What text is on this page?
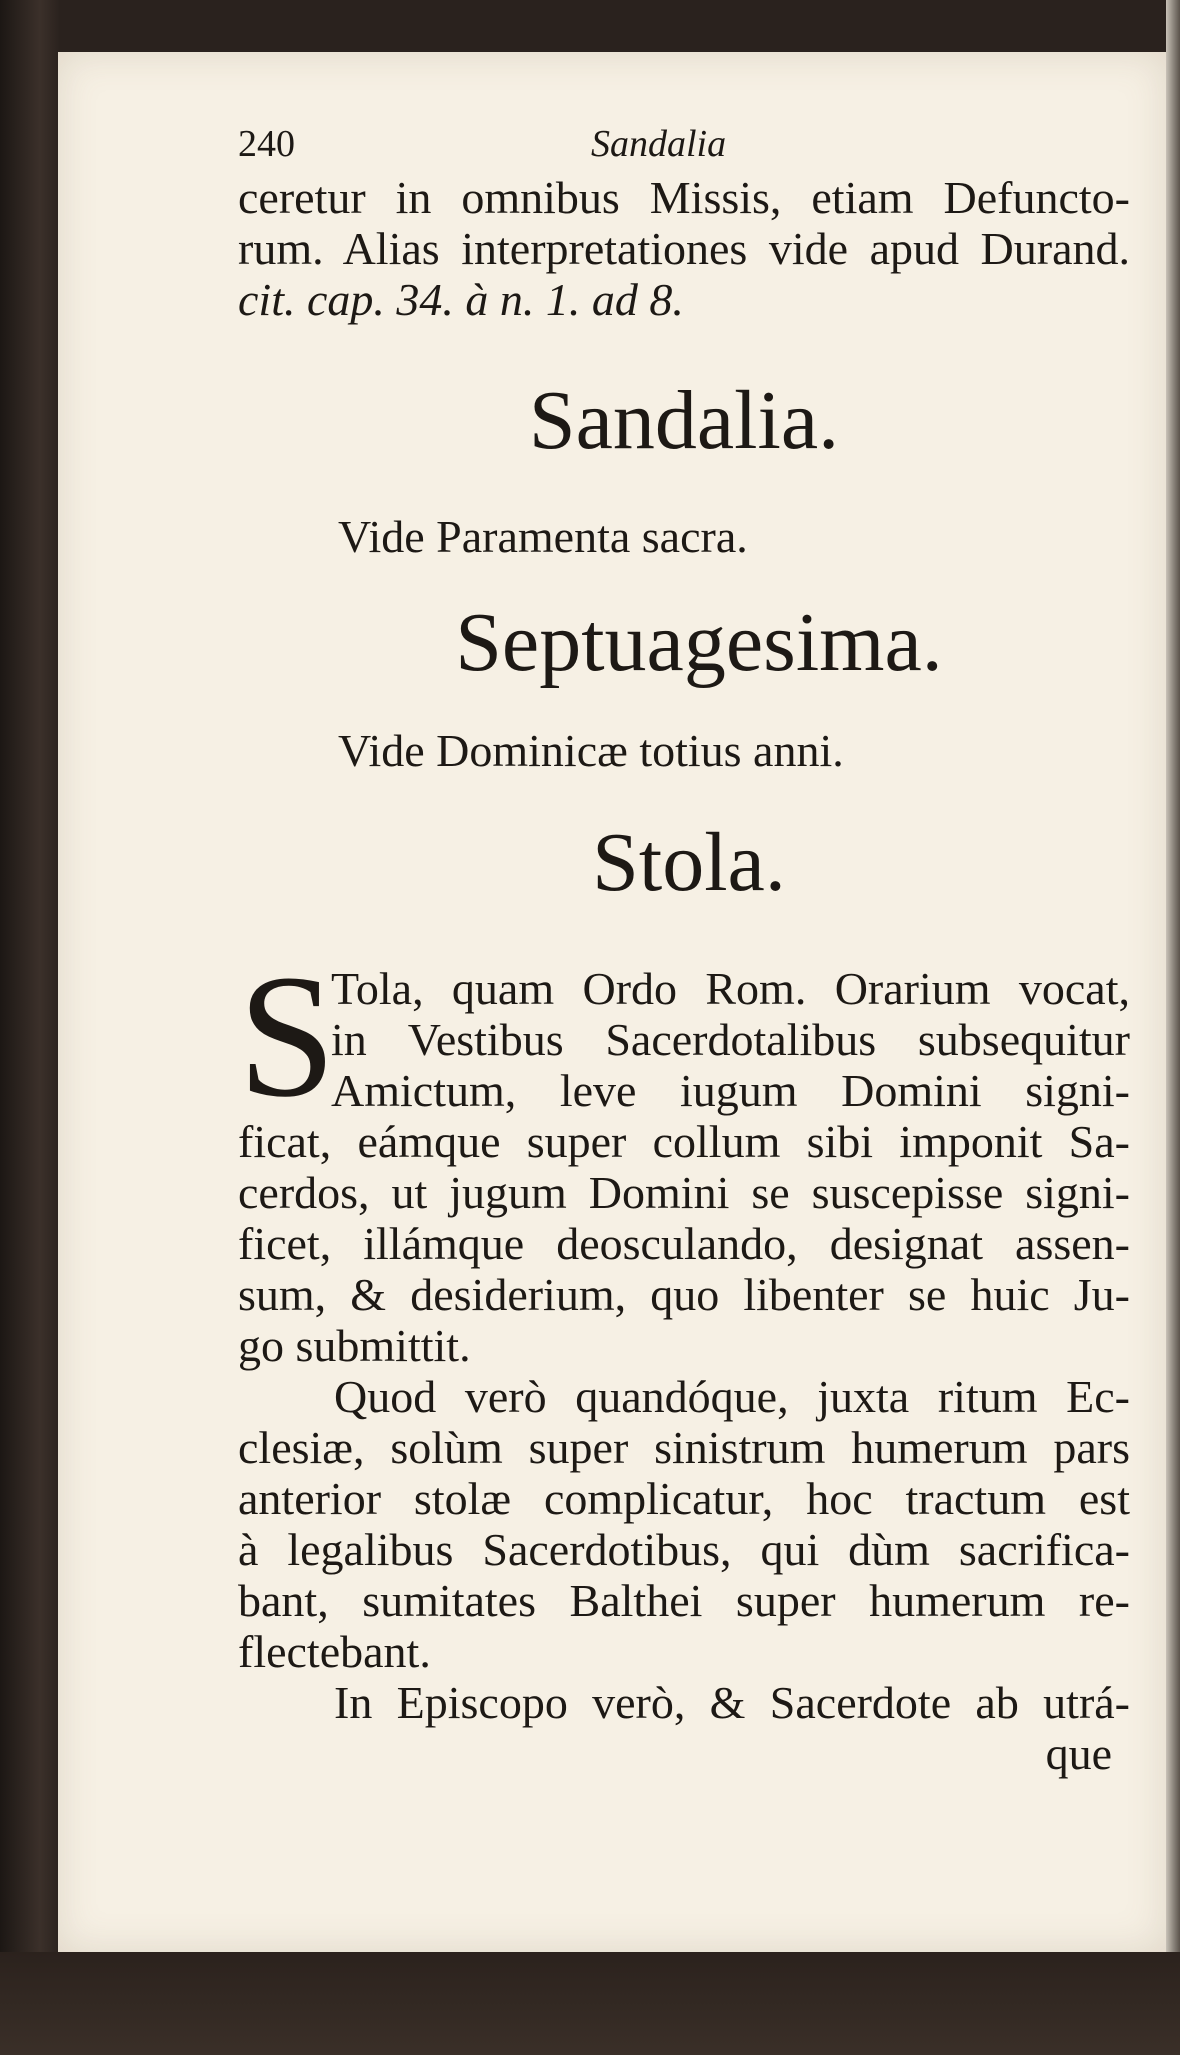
240	Sandalia
ceretur in omnibus Missis, etiam Defuncto-
rum. Alias interpretationes vide apud Durand.
cit. cap. 34. à n. 1. ad 8.
Sandalia.
Vide Paramenta sacra.
Septuagesima.
Vide Dominicæ totius anni.
Stola.
S
Tola, quam Ordo Rom. Orarium vocat,
in Vestibus Sacerdotalibus subsequitur
Amictum, leve iugum Domini signi-
ficat, eámque super collum sibi imponit Sa-
cerdos, ut jugum Domini se suscepisse signi-
ficet, illámque deosculando, designat assen-
sum, & desiderium, quo libenter se huic Ju-
go submittit.
Quod verò quandóque, juxta ritum Ec-
clesiæ, solùm super sinistrum humerum pars
anterior stolæ complicatur, hoc tractum est
à legalibus Sacerdotibus, qui dùm sacrifica-
bant, sumitates Balthei super humerum re-
flectebant.
In Episcopo verò, & Sacerdote ab utrá-
que
